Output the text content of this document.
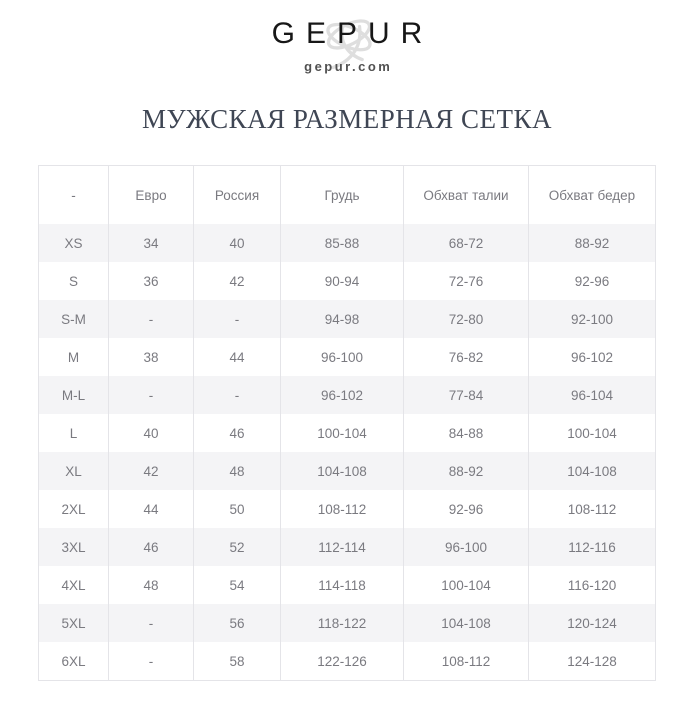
GEPUR
gepur.com
МУЖСКАЯ РАЗМЕРНАЯ СЕТКА
-	Евро	Россия	Грудь	Обхват талии	Обхват бедер
XS	34	40	85-88	68-72	88-92
S	36	42	90-94	72-76	92-96
S-M	-	-	94-98	72-80	92-100
M	38	44	96-100	76-82	96-102
M-L	-	-	96-102	77-84	96-104
L	40	46	100-104	84-88	100-104
XL	42	48	104-108	88-92	104-108
2XL	44	50	108-112	92-96	108-112
3XL	46	52	112-114	96-100	112-116
4XL	48	54	114-118	100-104	116-120
5XL	-	56	118-122	104-108	120-124
6XL	-	58	122-126	108-112	124-128
